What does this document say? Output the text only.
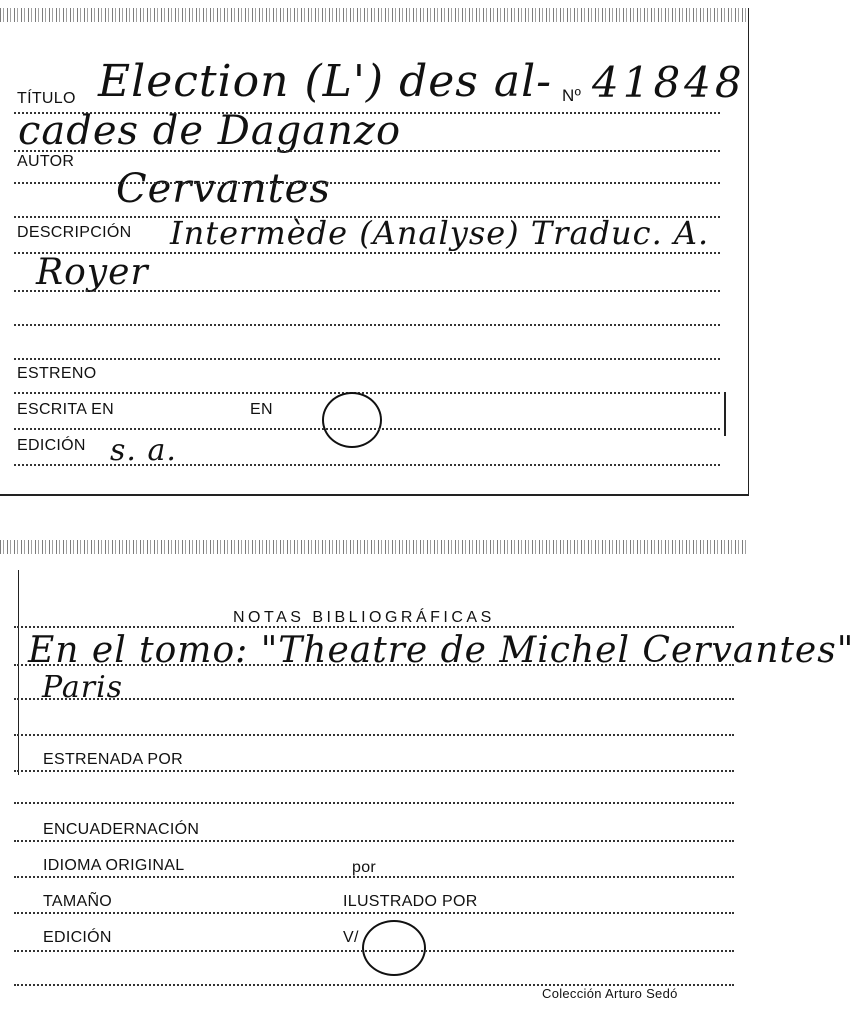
TÍTULO Election (L') des al- Nº 41848
cades de Daganzo
AUTOR
Cervantes
DESCRIPCIÓN Intermède (Analyse) Traduc. A.
Royer
ESTRENO
ESCRITA EN	EN
EDICIÓN s. a.
NOTAS BIBLIOGRÁFICAS
En el tomo: "Theatre de Michel Cervantes"
Paris
ESTRENADA POR
ENCUADERNACIÓN
IDIOMA ORIGINAL	por
TAMAÑO	ILUSTRADO POR
EDICIÓN	V/
Colección Arturo Sedó
